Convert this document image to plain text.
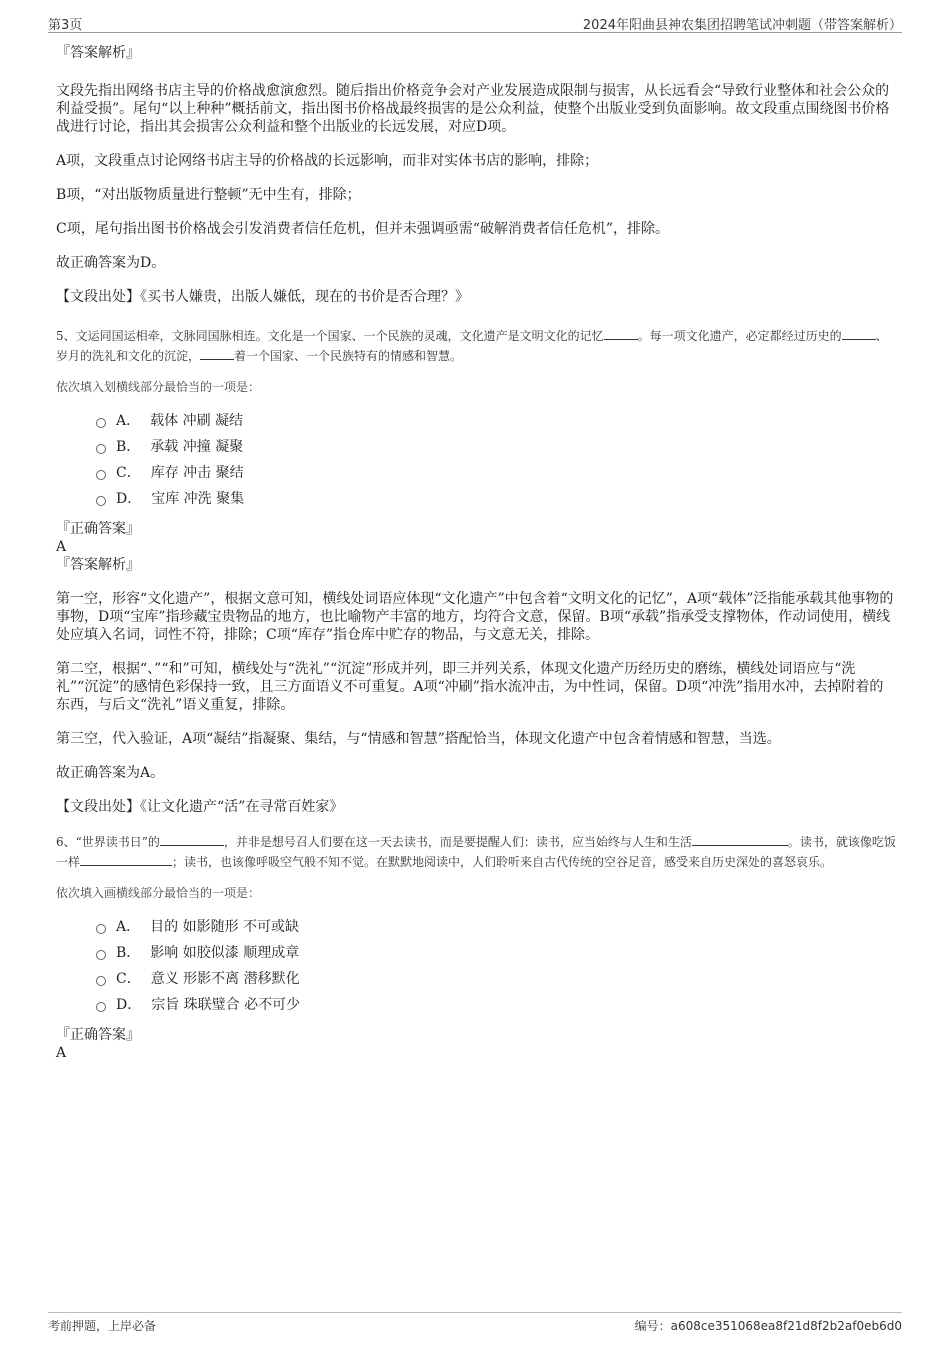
第3页	2024年阳曲县神农集团招聘笔试冲刺题（带答案解析）

『答案解析』

文段先指出网络书店主导的价格战愈演愈烈。随后指出价格竞争会对产业发展造成限制与损害，从长远看会“导致行业整体和社会公众的利益受损”。尾句“以上种种”概括前文，指出图书价格战最终损害的是公众利益，使整个出版业受到负面影响。故文段重点围绕图书价格战进行讨论，指出其会损害公众利益和整个出版业的长远发展，对应D项。

A项，文段重点讨论网络书店主导的价格战的长远影响，而非对实体书店的影响，排除；

B项，“对出版物质量进行整顿”无中生有，排除；

C项，尾句指出图书价格战会引发消费者信任危机，但并未强调亟需“破解消费者信任危机”，排除。

故正确答案为D。

【文段出处】《买书人嫌贵，出版人嫌低，现在的书价是否合理？》

5、文运同国运相牵，文脉同国脉相连。文化是一个国家、一个民族的灵魂，文化遗产是文明文化的记忆	。每一项文化遗产，必定都经过历史的	、岁月的洗礼和文化的沉淀，	着一个国家、一个民族特有的情感和智慧。

依次填入划横线部分最恰当的一项是：

A． 载体 冲刷 凝结
B． 承载 冲撞 凝聚
C． 库存 冲击 聚结
D． 宝库 冲洗 聚集

『正确答案』

A

『答案解析』

第一空，形容“文化遗产”，根据文意可知，横线处词语应体现“文化遗产”中包含着“文明文化的记忆”，A项“载体”泛指能承载其他事物的事物，D项“宝库”指珍藏宝贵物品的地方，也比喻物产丰富的地方，均符合文意，保留。B项“承载”指承受支撑物体，作动词使用，横线处应填入名词，词性不符，排除；C项“库存”指仓库中贮存的物品，与文意无关，排除。

第二空，根据“、”“和”可知，横线处与“洗礼”“沉淀”形成并列，即三并列关系，体现文化遗产历经历史的磨练，横线处词语应与“洗礼”“沉淀”的感情色彩保持一致，且三方面语义不可重复。A项“冲刷”指水流冲击，为中性词，保留。D项“冲洗”指用水冲，去掉附着的东西，与后文“洗礼”语义重复，排除。

第三空，代入验证，A项“凝结”指凝聚、集结，与“情感和智慧”搭配恰当，体现文化遗产中包含着情感和智慧，当选。

故正确答案为A。

【文段出处】《让文化遗产“活”在寻常百姓家》

6、“世界读书日”的	，并非是想号召人们要在这一天去读书，而是要提醒人们：读书，应当始终与人生和生活	。读书，就该像吃饭一样	；读书，也该像呼吸空气般不知不觉。在默默地阅读中，人们聆听来自古代传统的空谷足音，感受来自历史深处的喜怒哀乐。

依次填入画横线部分最恰当的一项是：

A． 目的 如影随形 不可或缺
B． 影响 如胶似漆 顺理成章
C． 意义 形影不离 潜移默化
D． 宗旨 珠联璧合 必不可少

『正确答案』

A

考前押题，上岸必备	编号：a608ce351068ea8f21d8f2b2af0eb6d0
